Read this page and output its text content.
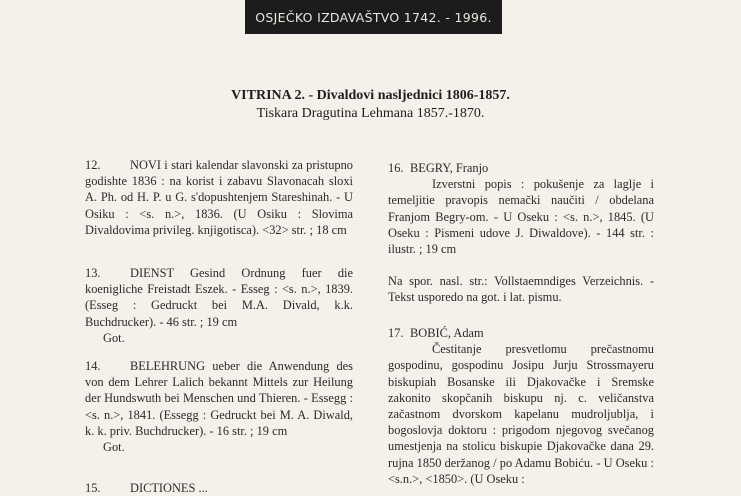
OSJEČKO IZDAVAŠTVO 1742. - 1996.
VITRINA 2. - Divaldovi nasljednici 1806-1857.
Tiskara Dragutina Lehmana 1857.-1870.
12.	NOVI i stari kalendar slavonski za pristupno godishte 1836 : na korist i zabavu Slavonacah sloxi A. Ph. od H. P. u G. s'dopushtenjem Stareshinah. - U Osiku : <s. n.>, 1836. (U Osiku : Slovima Divaldovima privileg. knjigotisca). <32> str. ; 18 cm

13.	DIENST Gesind Ordnung fuer die koenigliche Freistadt Eszek. - Esseg : <s. n.>, 1839. (Esseg : Gedruckt bei M.A. Divald, k.k. Buchdrucker). - 46 str. ; 19 cm

Got.

14.	BELEHRUNG ueber die Anwendung des von dem Lehrer Lalich bekannt Mittels zur Heilung der Hundswuth bei Menschen und Thieren. - Essegg : <s. n.>, 1841. (Essegg : Gedruckt bei M. A. Diwald, k. k. priv. Buchdrucker). - 16 str. ; 19 cm

Got.

15.	DICTIONES ...

16. BEGRY, Franjo

Izverstni popis : pokušenje za laglje i temeljitie pravopis nemački naučiti / obdelana Franjom Begry-om. - U Oseku : <s. n.>, 1845. (U Oseku : Pismeni udove J. Diwaldove). - 144 str. : ilustr. ; 19 cm

Na spor. nasl. str.: Vollstaemndiges Verzeichnis. - Tekst usporedo na got. i lat. pismu.

17. BOBIĆ, Adam

Čestitanje presvetlomu prečastnomu gospodinu, gospodinu Josipu Jurju Strossmayeru biskupiah Bosanske ili Djakovačke i Sremske zakonito skopčanih biskupu nj. c. veličanstva začastnom dvorskom kapelanu mudroljublja, i bogoslovja doktoru : prigodom njegovog svečanog umestjenja na stolicu biskupie Djakovačke dana 29. rujna 1850 deržanog / po Adamu Bobiću. - U Oseku : <s.n.>, <1850>. (U Oseku :
